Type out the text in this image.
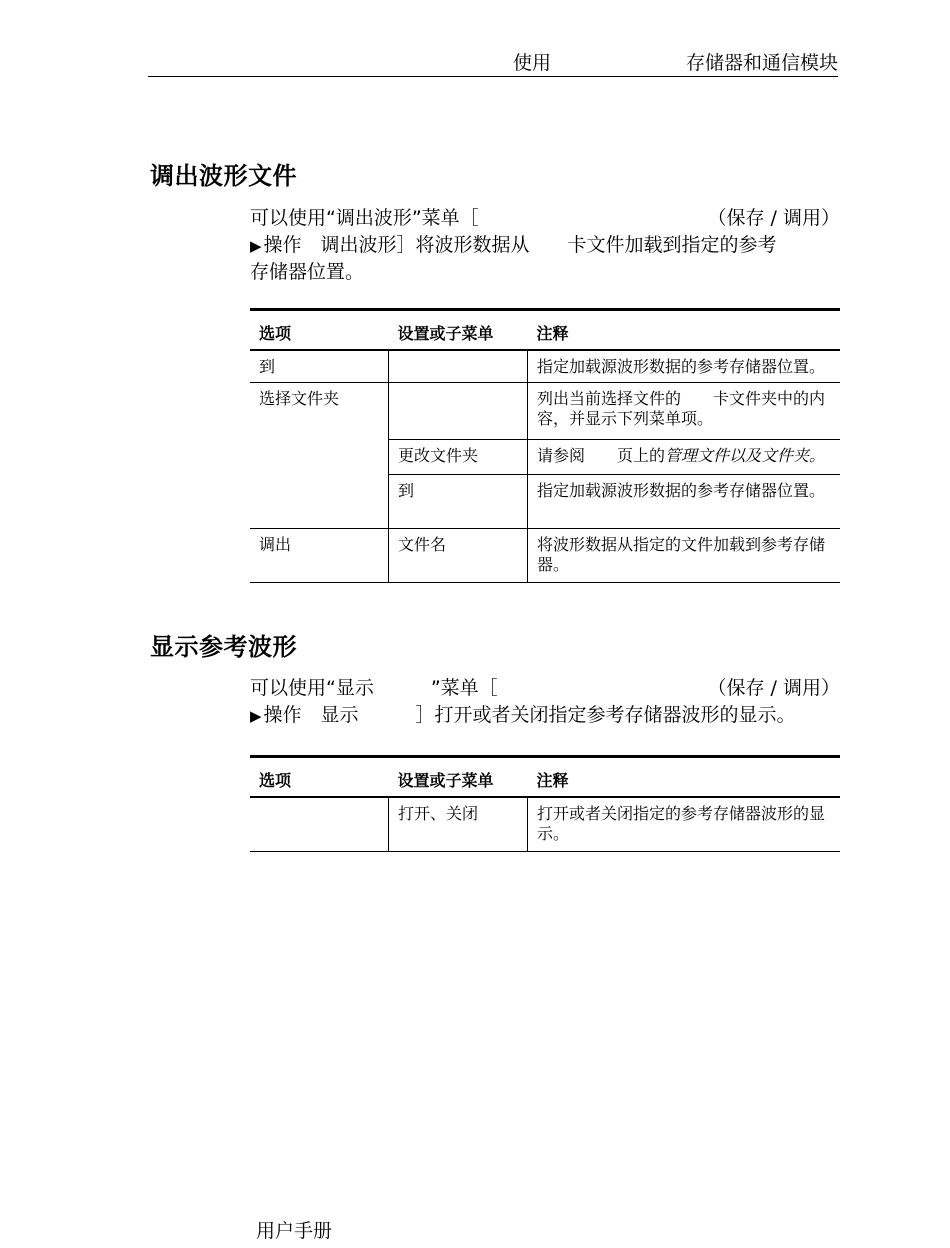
使用	存储器和通信模块
调出波形文件
可以使用“调出波形”菜单［	（保存 / 调用）
▶ 操作　调出波形］将波形数据从　　卡文件加载到指定的参考
存储器位置。
选项	设置或子菜单	注释
到		指定加载源波形数据的参考存储器位置。
选择文件夹		列出当前选择文件的　　卡文件夹中的内容，并显示下列菜单项。
	更改文件夹	请参阅　　页上的管理文件以及文件夹。
	到	指定加载源波形数据的参考存储器位置。
调出	文件名	将波形数据从指定的文件加载到参考存储器。
显示参考波形
可以使用“显示　　　”菜单［	（保存 / 调用）
▶ 操作　显示　　　］打开或者关闭指定参考存储器波形的显示。
选项	设置或子菜单	注释
	打开、关闭	打开或者关闭指定的参考存储器波形的显示。
用户手册
